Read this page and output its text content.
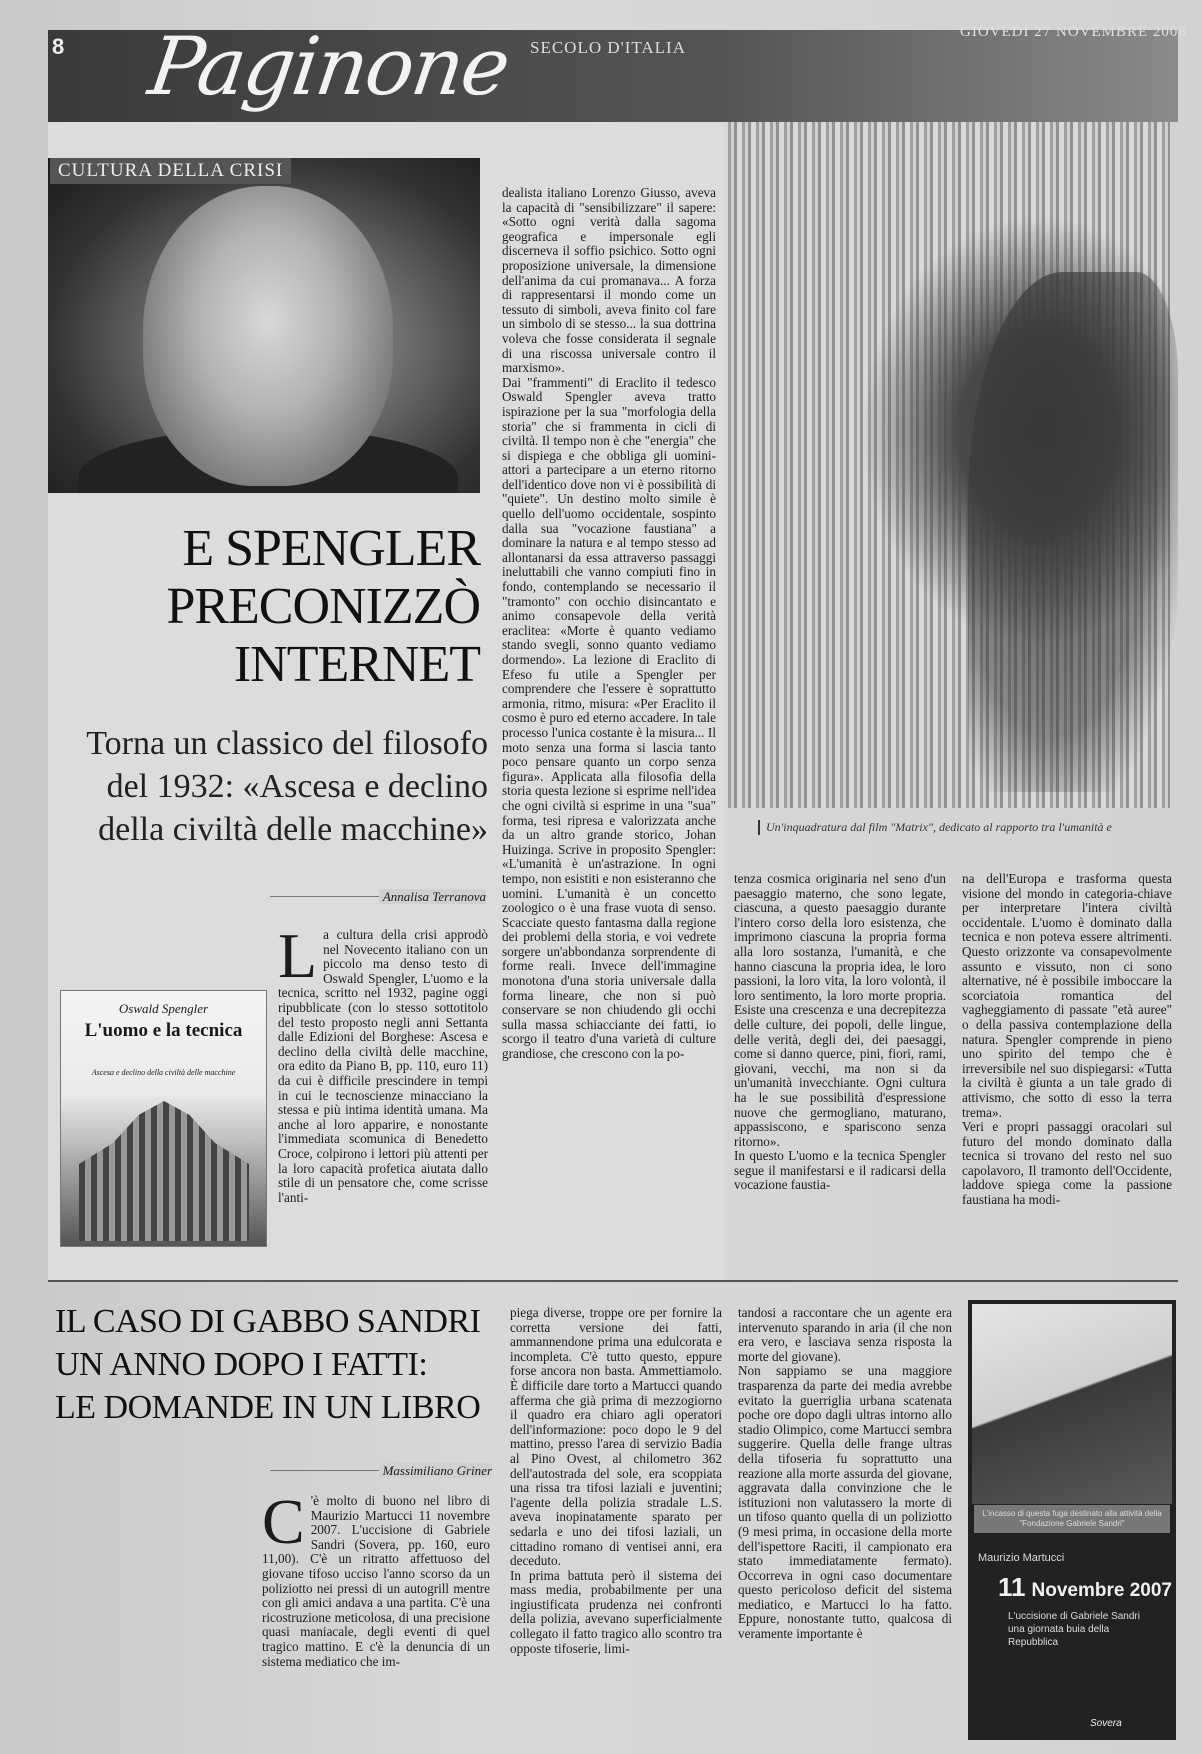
8 Paginone SECOLO D'ITALIA
GIOVEDÌ 27 NOVEMBRE 2008
CULTURA DELLA CRISI
E SPENGLER
PRECONIZZÒ
INTERNET
Torna un classico del filosofo del 1932: «Ascesa e declino della civiltà delle macchine»
Annalisa Terranova
Oswald Spengler
L'uomo e la tecnica
Ascesa e declino della civiltà delle macchine
La cultura della crisi approdò nel Novecento italiano con un piccolo ma denso testo di Oswald Spengler, L'uomo e la tecnica, scritto nel 1932, pagine oggi ripubblicate (con lo stesso sottotitolo del testo proposto negli anni Settanta dalle Edizioni del Borghese: Ascesa e declino della civiltà delle macchine, ora edito da Piano B, pp. 110, euro 11) da cui è difficile prescindere in tempi in cui le tecnoscienze minacciano la stessa e più intima identità umana. Ma anche al loro apparire, e nonostante l'immediata scomunica di Benedetto Croce, colpirono i lettori più attenti per la loro capacità profetica aiutata dallo stile di un pensatore che, come scrisse l'anti-
dealista italiano Lorenzo Giusso, aveva la capacità di "sensibilizzare" il sapere: «Sotto ogni verità dalla sagoma geografica e impersonale egli discerneva il soffio psichico. Sotto ogni proposizione universale, la dimensione dell'anima da cui promanava... A forza di rappresentarsi il mondo come un tessuto di simboli, aveva finito col fare un simbolo di se stesso... la sua dottrina voleva che fosse considerata il segnale di una riscossa universale contro il marxismo».
Dai "frammenti" di Eraclito il tedesco Oswald Spengler aveva tratto ispirazione per la sua "morfologia della storia" che si frammenta in cicli di civiltà. Il tempo non è che "energia" che si dispiega e che obbliga gli uomini-attori a partecipare a un eterno ritorno dell'identico dove non vi è possibilità di "quiete". Un destino molto simile è quello dell'uomo occidentale, sospinto dalla sua "vocazione faustiana" a dominare la natura e al tempo stesso ad allontanarsi da essa attraverso passaggi ineluttabili che vanno compiuti fino in fondo, contemplando se necessario il "tramonto" con occhio disincantato e animo consapevole della verità eraclitea: «Morte è quanto vediamo stando svegli, sonno quanto vediamo dormendo». La lezione di Eraclito di Efeso fu utile a Spengler per comprendere che l'essere è soprattutto armonia, ritmo, misura: «Per Eraclito il cosmo è puro ed eterno accadere. In tale processo l'unica costante è la misura... Il moto senza una forma si lascia tanto poco pensare quanto un corpo senza figura». Applicata alla filosofia della storia questa lezione si esprime nell'idea che ogni civiltà si esprime in una "sua" forma, tesi ripresa e valorizzata anche da un altro grande storico, Johan Huizinga. Scrive in proposito Spengler: «L'umanità è un'astrazione. In ogni tempo, non esistiti e non esisteranno che uomini. L'umanità è un concetto zoologico o è una frase vuota di senso. Scacciate questo fantasma dalla regione dei problemi della storia, e voi vedrete sorgere un'abbondanza sorprendente di forme reali. Invece dell'immagine monotona d'una storia universale dalla forma lineare, che non si può conservare se non chiudendo gli occhi sulla massa schiacciante dei fatti, io scorgo il teatro d'una varietà di culture grandiose, che crescono con la po-
Un'inquadratura dal film "Matrix", dedicato al rapporto tra l'umanità e
tenza cosmica originaria nel seno d'un paesaggio materno, che sono legate, ciascuna, a questo paesaggio durante l'intero corso della loro esistenza, che imprimono ciascuna la propria forma alla loro sostanza, l'umanità, e che hanno ciascuna la propria idea, le loro passioni, la loro vita, la loro volontà, il loro sentimento, la loro morte propria. Esiste una crescenza e una decrepitezza delle culture, dei popoli, delle lingue, delle verità, degli dei, dei paesaggi, come si danno querce, pini, fiori, rami, giovani, vecchi, ma non si da un'umanità invecchiante. Ogni cultura ha le sue possibilità d'espressione nuove che germogliano, maturano, appassiscono, e spariscono senza ritorno».
In questo L'uomo e la tecnica Spengler segue il manifestarsi e il radicarsi della vocazione faustia-
na dell'Europa e trasforma questa visione del mondo in categoria-chiave per interpretare l'intera civiltà occidentale. L'uomo è dominato dalla tecnica e non poteva essere altrimenti. Questo orizzonte va consapevolmente assunto e vissuto, non ci sono alternative, né è possibile imboccare la scorciatoia romantica del vagheggiamento di passate "età auree" o della passiva contemplazione della natura. Spengler comprende in pieno uno spirito del tempo che è irreversibile nel suo dispiegarsi: «Tutta la civiltà è giunta a un tale grado di attivismo, che sotto di esso la terra trema».
Veri e propri passaggi oracolari sul futuro del mondo dominato dalla tecnica si trovano del resto nel suo capolavoro, Il tramonto dell'Occidente, laddove spiega come la passione faustiana ha modi-
IL CASO DI GABBO SANDRI
UN ANNO DOPO I FATTI:
LE DOMANDE IN UN LIBRO
Massimiliano Griner
C 'è molto di buono nel libro di Maurizio Martucci 11 novembre 2007. L'uccisione di Gabriele Sandri (Sovera, pp. 160, euro 11,00). C'è un ritratto affettuoso del giovane tifoso ucciso l'anno scorso da un poliziotto nei pressi di un autogrill mentre con gli amici andava a una partita. C'è una ricostruzione meticolosa, di una precisione quasi maniacale, degli eventi di quel tragico mattino. E c'è la denuncia di un sistema mediatico che im-
piega diverse, troppe ore per fornire la corretta versione dei fatti, ammannendone prima una edulcorata e incompleta. C'è tutto questo, eppure forse ancora non basta. Ammettiamolo. È difficile dare torto a Martucci quando afferma che già prima di mezzogiorno il quadro era chiaro agli operatori dell'informazione: poco dopo le 9 del mattino, presso l'area di servizio Badia al Pino Ovest, al chilometro 362 dell'autostrada del sole, era scoppiata una rissa tra tifosi laziali e juventini; l'agente della polizia stradale L.S. aveva inopinatamente sparato per sedarla e uno dei tifosi laziali, un cittadino romano di ventisei anni, era deceduto.
In prima battuta però il sistema dei mass media, probabilmente per una ingiustificata prudenza nei confronti della polizia, avevano superficialmente collegato il fatto tragico allo scontro tra opposte tifoserie, limi-
tandosi a raccontare che un agente era intervenuto sparando in aria (il che non era vero, e lasciava senza risposta la morte del giovane).
Non sappiamo se una maggiore trasparenza da parte dei media avrebbe evitato la guerriglia urbana scatenata poche ore dopo dagli ultras intorno allo stadio Olimpico, come Martucci sembra suggerire. Quella delle frange ultras della tifoseria fu soprattutto una reazione alla morte assurda del giovane, aggravata dalla convinzione che le istituzioni non valutassero la morte di un tifoso quanto quella di un poliziotto (9 mesi prima, in occasione della morte dell'ispettore Raciti, il campionato era stato immediatamente fermato). Occorreva in ogni caso documentare questo pericoloso deficit del sistema mediatico, e Martucci lo ha fatto. Eppure, nonostante tutto, qualcosa di veramente importante è
L'incasso di questa fuga destinato alla attività della "Fondazione Gabriele Sandri"
Maurizio Martucci
11 Novembre 2007
L'uccisione di Gabriele Sandri una giornata buia della Repubblica
Sovera
